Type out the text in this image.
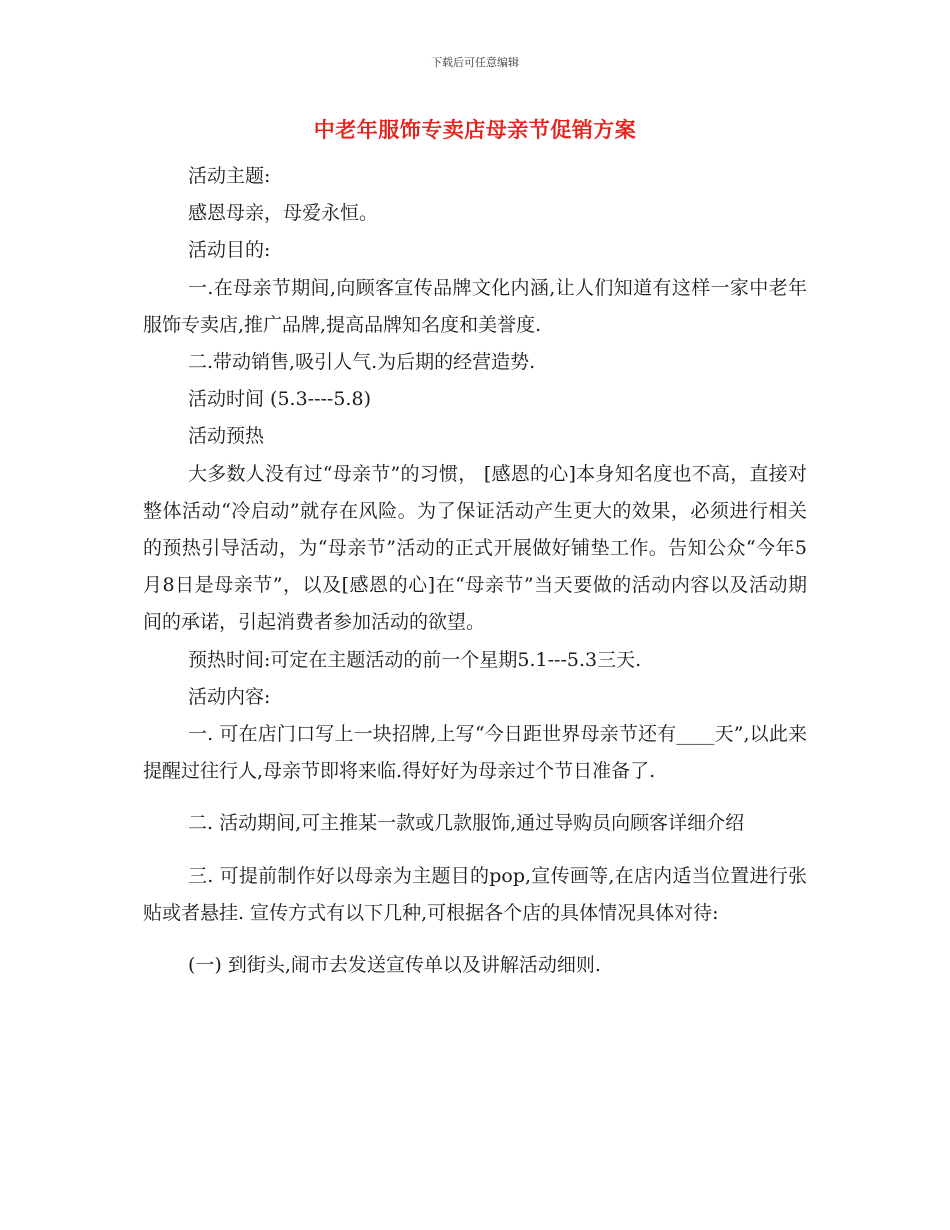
下载后可任意编辑
中老年服饰专卖店母亲节促销方案

活动主题:

感恩母亲，母爱永恒。

活动目的:

一.在母亲节期间,向顾客宣传品牌文化内涵,让人们知道有这样一家中老年服饰专卖店,推广品牌,提高品牌知名度和美誉度.

二.带动销售,吸引人气.为后期的经营造势.

活动时间 (5.3----5.8)

活动预热

大多数人没有过“母亲节”的习惯， [感恩的心]本身知名度也不高，直接对整体活动“冷启动”就存在风险。为了保证活动产生更大的效果，必须进行相关的预热引导活动，为“母亲节”活动的正式开展做好铺垫工作。告知公众“今年5月8日是母亲节”，以及[感恩的心]在“母亲节”当天要做的活动内容以及活动期间的承诺，引起消费者参加活动的欲望。

预热时间:可定在主题活动的前一个星期5.1---5.3三天.

活动内容:

一. 可在店门口写上一块招牌,上写“今日距世界母亲节还有____天”,以此来提醒过往行人,母亲节即将来临.得好好为母亲过个节日准备了.

二. 活动期间,可主推某一款或几款服饰,通过导购员向顾客详细介绍

三. 可提前制作好以母亲为主题目的pop,宣传画等,在店内适当位置进行张贴或者悬挂. 宣传方式有以下几种,可根据各个店的具体情况具体对待:

(一) 到街头,闹市去发送宣传单以及讲解活动细则.
